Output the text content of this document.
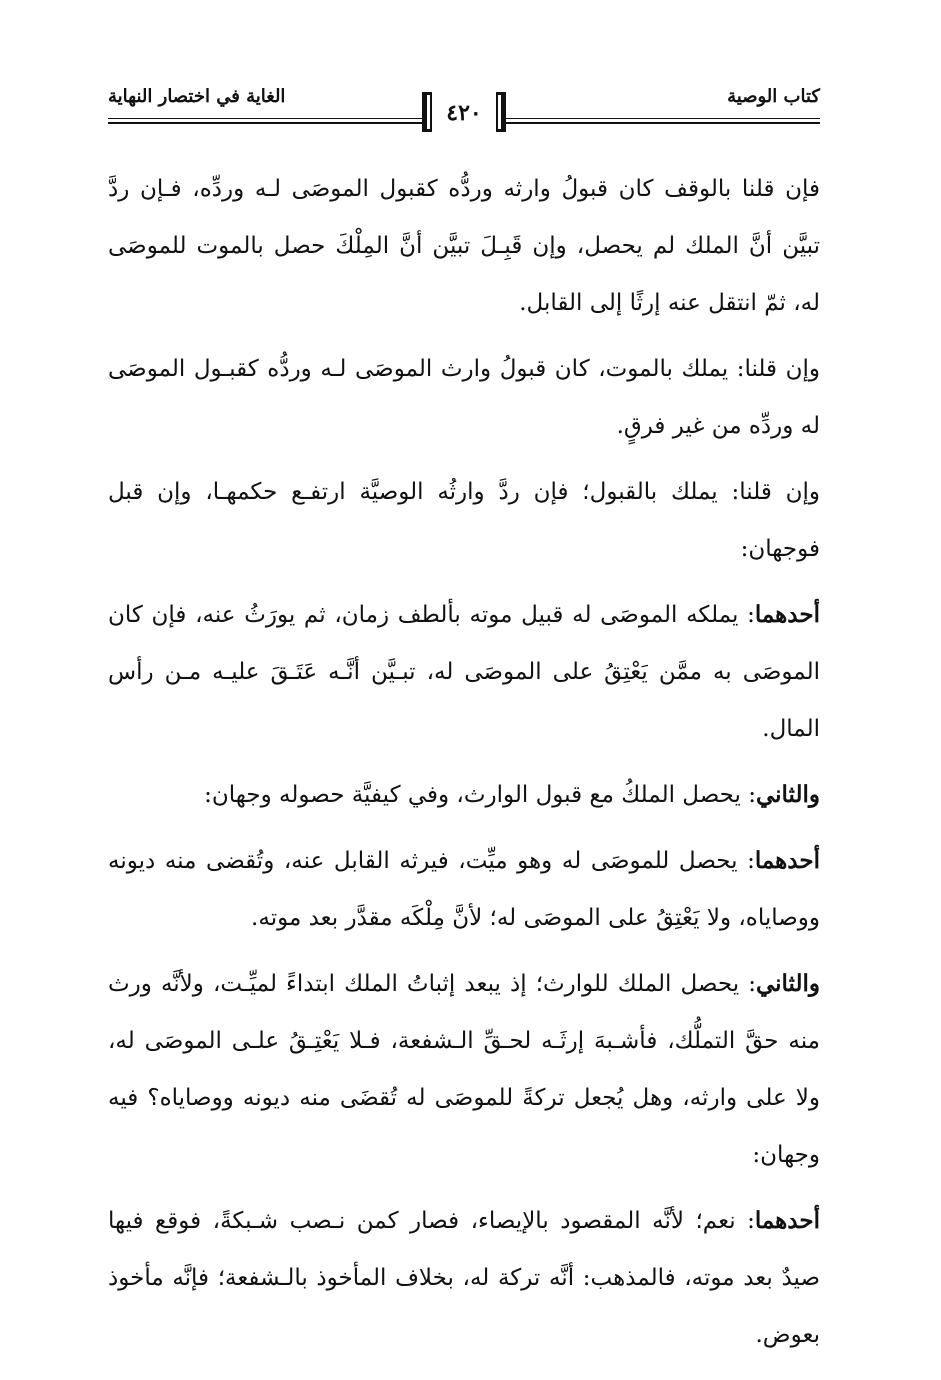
الغاية في اختصار النهاية	كتاب الوصية
٤٢٠

فإن قلنا بالوقف كان قبولُ وارثه وردُّه كقبول الموصَى لـه وردِّه، فـإن ردَّ تبيَّن أنَّ الملك لم يحصل، وإن قَبِـلَ تبيَّن أنَّ المِلْكَ حصل بالموت للموصَى له، ثمّ انتقل عنه إرثًا إلى القابل.

وإن قلنا: يملك بالموت، كان قبولُ وارث الموصَى لـه وردُّه كقبـول الموصَى له وردِّه من غير فرقٍ.

وإن قلنا: يملك بالقبول؛ فإن ردَّ وارثُه الوصيَّة ارتفـع حكمهـا، وإن قبل فوجهان:

أحدهما: يملكه الموصَى له قبيل موته بألطف زمان، ثم يورَثُ عنه، فإن كان الموصَى به ممَّن يَعْتِقُ على الموصَى له، تبـيَّن أنَّـه عَتَـقَ عليـه مـن رأس المال.

والثاني: يحصل الملكُ مع قبول الوارث، وفي كيفيَّة حصوله وجهان:

أحدهما: يحصل للموصَى له وهو ميِّت، فيرثه القابل عنه، وتُقضى منه ديونه ووصاياه، ولا يَعْتِقُ على الموصَى له؛ لأنَّ مِلْكَه مقدَّر بعد موته.

والثاني: يحصل الملك للوارث؛ إذ يبعد إثباتُ الملك ابتداءً لميِّـت، ولأنَّه ورث منه حقَّ التملُّك، فأشـبهَ إرثَـه لحـقِّ الـشفعة، فـلا يَعْتِـقُ علـى الموصَى له، ولا على وارثه، وهل يُجعل تركةً للموصَى له تُقضَى منه ديونه ووصاياه؟ فيه وجهان:

أحدهما: نعم؛ لأنَّه المقصود بالإيصاء، فصار كمن نـصب شـبكةً، فوقع فيها صيدٌ بعد موته، فالمذهب: أنَّه تركة له، بخلاف المأخوذ بالـشفعة؛ فإنَّه مأخوذ بعوض.
